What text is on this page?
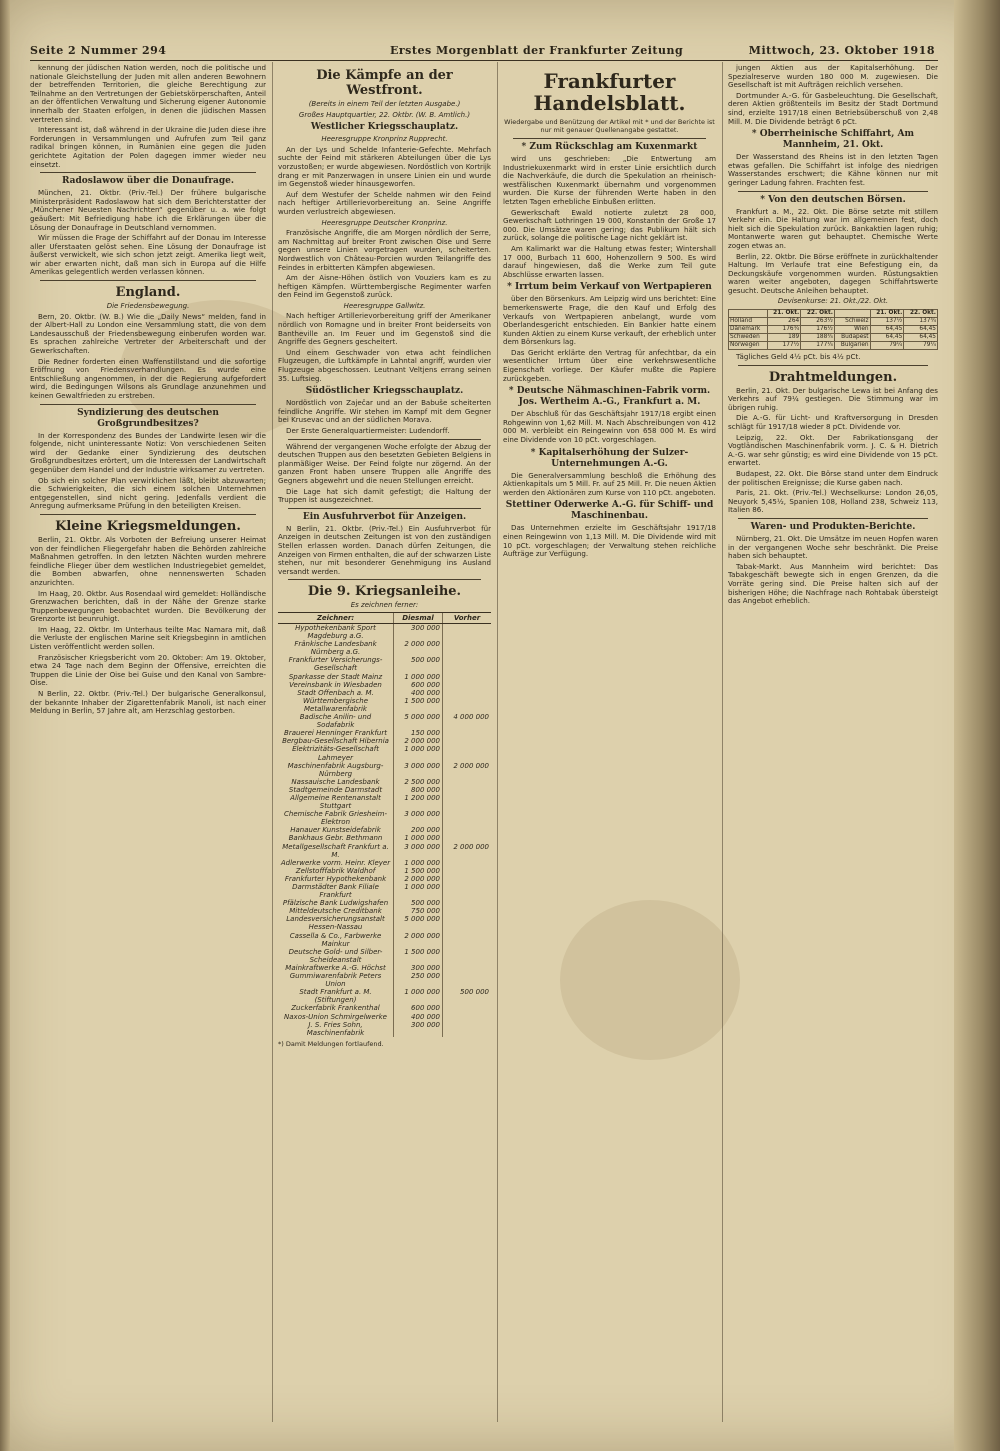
Seite 2 Nummer 294	Erstes Morgenblatt der Frankfurter Zeitung	Mittwoch, 23. Oktober 1918

kennung der jüdischen Nation werden, noch die politische und nationale Gleichstellung der Juden mit allen anderen Bewohnern der betreffenden Territorien, die gleiche Berechtigung zur Teilnahme an den Vertretungen der Gebietskörperschaften, Anteil an der öffentlichen Verwaltung und Sicherung eigener Autonomie innerhalb der Staaten erfolgen, in denen die jüdischen Massen vertreten sind.

Interessant ist, daß während in der Ukraine die Juden diese ihre Forderungen in Versammlungen und Aufrufen zum Teil ganz radikal bringen können, in Rumänien eine gegen die Juden gerichtete Agitation der Polen dagegen immer wieder neu einsetzt.

Radoslawow über die Donaufrage.

München, 21. Oktbr. (Priv.-Tel.) Der frühere bulgarische Ministerpräsident Radoslawow hat sich dem Berichterstatter der „Münchener Neuesten Nachrichten“ gegenüber u. a. wie folgt geäußert: Mit Befriedigung habe ich die Erklärungen über die Lösung der Donaufrage in Deutschland vernommen.

Wir müssen die Frage der Schiffahrt auf der Donau im Interesse aller Uferstaaten gelöst sehen. Eine Lösung der Donaufrage ist äußerst verwickelt, wie sich schon jetzt zeigt. Amerika liegt weit, wir aber erwarten nicht, daß man sich in Europa auf die Hilfe Amerikas gelegentlich werden verlassen können.

England.
Die Friedensbewegung.

Bern, 20. Oktbr. (W. B.) Wie die „Daily News“ melden, fand in der Albert-Hall zu London eine Versammlung statt, die von dem Landesausschuß der Friedensbewegung einberufen worden war. Es sprachen zahlreiche Vertreter der Arbeiterschaft und der Gewerkschaften.

Die Redner forderten einen Waffenstillstand und die sofortige Eröffnung von Friedensverhandlungen. Es wurde eine Entschließung angenommen, in der die Regierung aufgefordert wird, die Bedingungen Wilsons als Grundlage anzunehmen und keinen Gewaltfrieden zu erstreben.

Syndizierung des deutschen Großgrundbesitzes?

In der Korrespondenz des Bundes der Landwirte lesen wir die folgende, nicht uninteressante Notiz: Von verschiedenen Seiten wird der Gedanke einer Syndizierung des deutschen Großgrundbesitzes erörtert, um die Interessen der Landwirtschaft gegenüber dem Handel und der Industrie wirksamer zu vertreten.

Ob sich ein solcher Plan verwirklichen läßt, bleibt abzuwarten; die Schwierigkeiten, die sich einem solchen Unternehmen entgegenstellen, sind nicht gering. Jedenfalls verdient die Anregung aufmerksame Prüfung in den beteiligten Kreisen.

Kleine Kriegsmeldungen.

Berlin, 21. Oktbr. Als Vorboten der Befreiung unserer Heimat von der feindlichen Fliegergefahr haben die Behörden zahlreiche Maßnahmen getroffen. In den letzten Nächten wurden mehrere feindliche Flieger über dem westlichen Industriegebiet gemeldet, die Bomben abwarfen, ohne nennenswerten Schaden anzurichten.

Im Haag, 20. Oktbr. Aus Rosendaal wird gemeldet: Holländische Grenzwachen berichten, daß in der Nähe der Grenze starke Truppenbewegungen beobachtet wurden. Die Bevölkerung der Grenzorte ist beunruhigt.

Im Haag, 22. Oktbr. Im Unterhaus teilte Mac Namara mit, daß die Verluste der englischen Marine seit Kriegsbeginn in amtlichen Listen veröffentlicht werden sollen.

Französischer Kriegsbericht vom 20. Oktober: Am 19. Oktober, etwa 24 Tage nach dem Beginn der Offensive, erreichten die Truppen die Linie der Oise bei Guise und den Kanal von Sambre-Oise.

N Berlin, 22. Oktbr. (Priv.-Tel.) Der bulgarische Generalkonsul, der bekannte Inhaber der Zigarettenfabrik Manoli, ist nach einer Meldung in Berlin, 57 Jahre alt, am Herzschlag gestorben.

Die Kämpfe an der Westfront.
(Bereits in einem Teil der letzten Ausgabe.)
Großes Hauptquartier, 22. Oktbr. (W. B. Amtlich.)
Westlicher Kriegsschauplatz.
Heeresgruppe Kronprinz Rupprecht.

An der Lys und Schelde Infanterie-Gefechte. Mehrfach suchte der Feind mit stärkeren Abteilungen über die Lys vorzustoßen; er wurde abgewiesen. Nordöstlich von Kortrijk drang er mit Panzerwagen in unsere Linien ein und wurde im Gegenstoß wieder hinausgeworfen.

Auf dem Westufer der Schelde nahmen wir den Feind nach heftiger Artillerievorbereitung an. Seine Angriffe wurden verlustreich abgewiesen.

Heeresgruppe Deutscher Kronprinz.

Französische Angriffe, die am Morgen nördlich der Serre, am Nachmittag auf breiter Front zwischen Oise und Serre gegen unsere Linien vorgetragen wurden, scheiterten. Nordwestlich von Château-Porcien wurden Teilangriffe des Feindes in erbitterten Kämpfen abgewiesen.

Am der Aisne-Höhen östlich von Vouziers kam es zu heftigen Kämpfen. Württembergische Regimenter warfen den Feind im Gegenstoß zurück.

Heeresgruppe Gallwitz.

Nach heftiger Artillerievorbereitung griff der Amerikaner nördlich von Romagne und in breiter Front beiderseits von Bantheville an. Im Feuer und im Gegenstoß sind die Angriffe des Gegners gescheitert.

Und einem Geschwader von etwa acht feindlichen Flugzeugen, die Luftkämpfe in Lahntal angriff, wurden vier Flugzeuge abgeschossen. Leutnant Veltjens errang seinen 35. Luftsieg.

Südöstlicher Kriegsschauplatz.

Nordöstlich von Zaječar und an der Babuše scheiterten feindliche Angriffe. Wir stehen im Kampf mit dem Gegner bei Krusevac und an der südlichen Morava.

Der Erste Generalquartiermeister: Ludendorff.

Während der vergangenen Woche erfolgte der Abzug der deutschen Truppen aus den besetzten Gebieten Belgiens in planmäßiger Weise. Der Feind folgte nur zögernd. An der ganzen Front haben unsere Truppen alle Angriffe des Gegners abgewehrt und die neuen Stellungen erreicht.

Die Lage hat sich damit gefestigt; die Haltung der Truppen ist ausgezeichnet.

Ein Ausfuhrverbot für Anzeigen.

N Berlin, 21. Oktbr. (Priv.-Tel.) Ein Ausfuhrverbot für Anzeigen in deutschen Zeitungen ist von den zuständigen Stellen erlassen worden. Danach dürfen Zeitungen, die Anzeigen von Firmen enthalten, die auf der schwarzen Liste stehen, nur mit besonderer Genehmigung ins Ausland versandt werden.

Die 9. Kriegsanleihe.
Es zeichnen ferner:
Zeichner:	Diesmal	Vorher
Hypothekenbank Sport Magdeburg a.G.	300 000	
Fränkische Landesbank Nürnberg a.G.	2 000 000	
Frankfurter Versicherungs-Gesellschaft	500 000	
Sparkasse der Stadt Mainz	1 000 000	
Vereinsbank in Wiesbaden	600 000	
Stadt Offenbach a. M.	400 000	
Württembergische Metallwarenfabrik	1 500 000	
Badische Anilin- und Sodafabrik	5 000 000	4 000 000
Brauerei Henninger Frankfurt	150 000	
Bergbau-Gesellschaft Hibernia	2 000 000	
Elektrizitäts-Gesellschaft Lahmeyer	1 000 000	
Maschinenfabrik Augsburg-Nürnberg	3 000 000	2 000 000
Nassauische Landesbank	2 500 000	
Stadtgemeinde Darmstadt	800 000	
Allgemeine Rentenanstalt Stuttgart	1 200 000	
Chemische Fabrik Griesheim-Elektron	3 000 000	
Hanauer Kunstseidefabrik	200 000	
Bankhaus Gebr. Bethmann	1 000 000	
Metallgesellschaft Frankfurt a. M.	3 000 000	2 000 000
Adlerwerke vorm. Heinr. Kleyer	1 000 000	
Zellstofffabrik Waldhof	1 500 000	
Frankfurter Hypothekenbank	2 000 000	
Darmstädter Bank Filiale Frankfurt	1 000 000	
Pfälzische Bank Ludwigshafen	500 000	
Mitteldeutsche Creditbank	750 000	
Landesversicherungsanstalt Hessen-Nassau	5 000 000	
Cassella & Co., Farbwerke Mainkur	2 000 000	
Deutsche Gold- und Silber-Scheideanstalt	1 500 000	
Mainkraftwerke A.-G. Höchst	300 000	
Gummiwarenfabrik Peters Union	250 000	
Stadt Frankfurt a. M. (Stiftungen)	1 000 000	500 000
Zuckerfabrik Frankenthal	600 000	
Naxos-Union Schmirgelwerke	400 000	
J. S. Fries Sohn, Maschinenfabrik	300 000	
*) Damit Meldungen fortlaufend.
Frankfurter Handelsblatt.
Wiedergabe und Benützung der Artikel mit * und der Berichte ist nur mit genauer Quellenangabe gestattet.
* Zum Rückschlag am Kuxenmarkt

wird uns geschrieben: „Die Entwertung am Industriekuxenmarkt wird in erster Linie ersichtlich durch die Nachverkäufe, die durch die Spekulation an rheinisch-westfälischen Kuxenmarkt übernahm und vorgenommen wurden. Die Kurse der führenden Werte haben in den letzten Tagen erhebliche Einbußen erlitten.

Gewerkschaft Ewald notierte zuletzt 28 000, Gewerkschaft Lothringen 19 000, Konstantin der Große 17 000. Die Umsätze waren gering; das Publikum hält sich zurück, solange die politische Lage nicht geklärt ist.

Am Kalimarkt war die Haltung etwas fester; Wintershall 17 000, Burbach 11 600, Hohenzollern 9 500. Es wird darauf hingewiesen, daß die Werke zum Teil gute Abschlüsse erwarten lassen.

* Irrtum beim Verkauf von Wertpapieren

über den Börsenkurs. Am Leipzig wird uns berichtet: Eine bemerkenswerte Frage, die den Kauf und Erfolg des Verkaufs von Wertpapieren anbelangt, wurde vom Oberlandesgericht entschieden. Ein Bankier hatte einem Kunden Aktien zu einem Kurse verkauft, der erheblich unter dem Börsenkurs lag.

Das Gericht erklärte den Vertrag für anfechtbar, da ein wesentlicher Irrtum über eine verkehrswesentliche Eigenschaft vorliege. Der Käufer mußte die Papiere zurückgeben.

* Deutsche Nähmaschinen-Fabrik vorm. Jos. Wertheim A.-G., Frankfurt a. M.

Der Abschluß für das Geschäftsjahr 1917/18 ergibt einen Rohgewinn von 1,62 Mill. M. Nach Abschreibungen von 412 000 M. verbleibt ein Reingewinn von 658 000 M. Es wird eine Dividende von 10 pCt. vorgeschlagen.

* Kapitalserhöhung der Sulzer-Unternehmungen A.-G.

Die Generalversammlung beschloß die Erhöhung des Aktienkapitals um 5 Mill. Fr. auf 25 Mill. Fr. Die neuen Aktien werden den Aktionären zum Kurse von 110 pCt. angeboten.

Stettiner Oderwerke A.-G. für Schiff- und Maschinenbau.

Das Unternehmen erzielte im Geschäftsjahr 1917/18 einen Reingewinn von 1,13 Mill. M. Die Dividende wird mit 10 pCt. vorgeschlagen; der Verwaltung stehen reichliche Aufträge zur Verfügung.

jungen Aktien aus der Kapitalserhöhung. Der Spezialreserve wurden 180 000 M. zugewiesen. Die Gesellschaft ist mit Aufträgen reichlich versehen.

Dortmunder A.-G. für Gasbeleuchtung. Die Gesellschaft, deren Aktien größtenteils im Besitz der Stadt Dortmund sind, erzielte 1917/18 einen Betriebsüberschuß von 2,48 Mill. M. Die Dividende beträgt 6 pCt.

* Oberrheinische Schiffahrt, Am Mannheim, 21. Okt.

Der Wasserstand des Rheins ist in den letzten Tagen etwas gefallen. Die Schiffahrt ist infolge des niedrigen Wasserstandes erschwert; die Kähne können nur mit geringer Ladung fahren. Frachten fest.

* Von den deutschen Börsen.

Frankfurt a. M., 22. Okt. Die Börse setzte mit stillem Verkehr ein. Die Haltung war im allgemeinen fest, doch hielt sich die Spekulation zurück. Bankaktien lagen ruhig; Montanwerte waren gut behauptet. Chemische Werte zogen etwas an.

Berlin, 22. Oktbr. Die Börse eröffnete in zurückhaltender Haltung. Im Verlaufe trat eine Befestigung ein, da Deckungskäufe vorgenommen wurden. Rüstungsaktien waren weiter angeboten, dagegen Schiffahrtswerte gesucht. Deutsche Anleihen behauptet.

Devisenkurse: 21. Okt./22. Okt.
	21. Okt.	22. Okt.		21. Okt.	22. Okt.
Holland	264	263½	Schweiz	137½	137¾
Dänemark	176¾	176½	Wien	64,45	64,45
Schweden	189	188¾	Budapest	64,45	64,45
Norwegen	177½	177¼	Bulgarien	79¼	79¼

Tägliches Geld 4½ pCt. bis 4½ pCt.

Drahtmeldungen.

Berlin, 21. Okt. Der bulgarische Lewa ist bei Anfang des Verkehrs auf 79¼ gestiegen. Die Stimmung war im übrigen ruhig.

Die A.-G. für Licht- und Kraftversorgung in Dresden schlägt für 1917/18 wieder 8 pCt. Dividende vor.

Leipzig, 22. Okt. Der Fabrikationsgang der Vogtländischen Maschinenfabrik vorm. J. C. & H. Dietrich A.-G. war sehr günstig; es wird eine Dividende von 15 pCt. erwartet.

Budapest, 22. Okt. Die Börse stand unter dem Eindruck der politischen Ereignisse; die Kurse gaben nach.

Paris, 21. Okt. (Priv.-Tel.) Wechselkurse: London 26,05, Neuyork 5,45½, Spanien 108, Holland 238, Schweiz 113, Italien 86.

Waren- und Produkten-Berichte.

Nürnberg, 21. Okt. Die Umsätze im neuen Hopfen waren in der vergangenen Woche sehr beschränkt. Die Preise haben sich behauptet.

Tabak-Markt. Aus Mannheim wird berichtet: Das Tabakgeschäft bewegte sich in engen Grenzen, da die Vorräte gering sind. Die Preise halten sich auf der bisherigen Höhe; die Nachfrage nach Rohtabak übersteigt das Angebot erheblich.
